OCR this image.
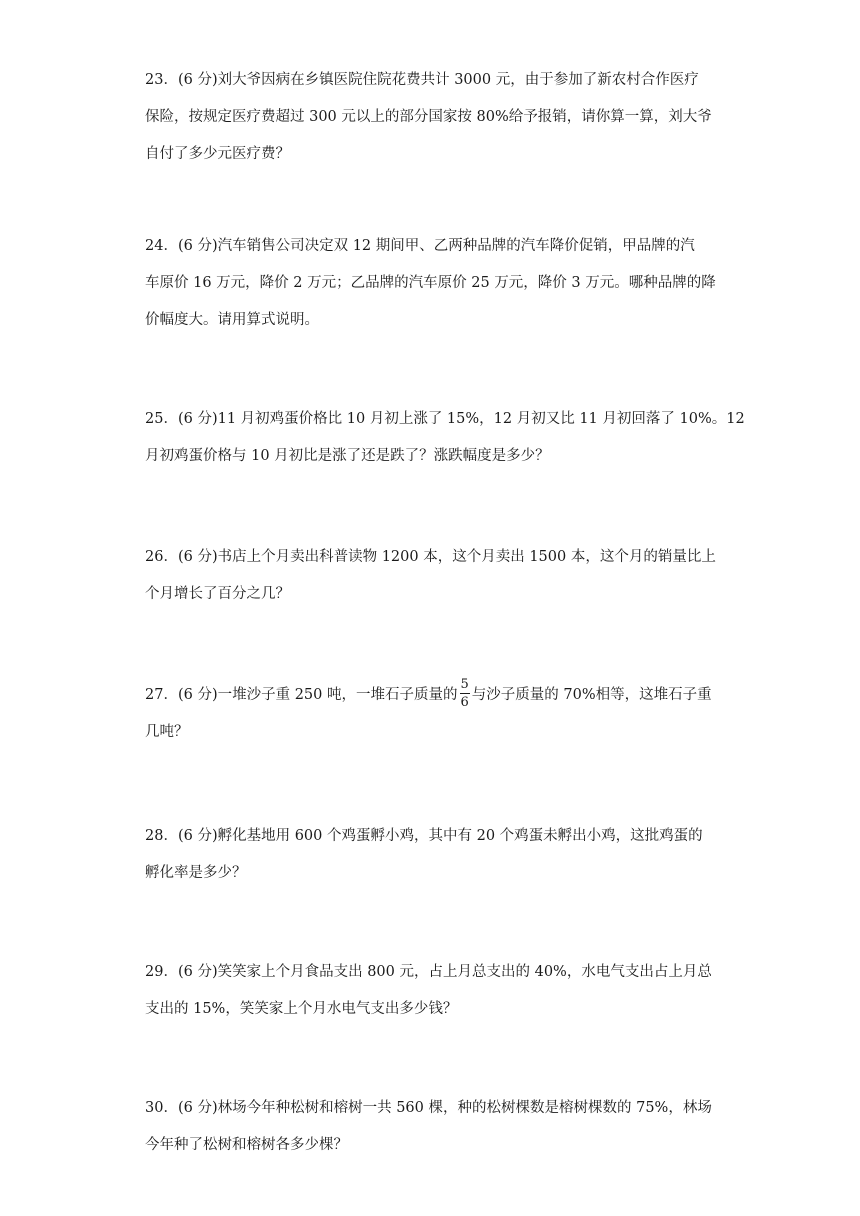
23．(6 分)刘大爷因病在乡镇医院住院花费共计 3000 元，由于参加了新农村合作医疗
保险，按规定医疗费超过 300 元以上的部分国家按 80%给予报销，请你算一算，刘大爷
自付了多少元医疗费？
24．(6 分)汽车销售公司决定双 12 期间甲、乙两种品牌的汽车降价促销，甲品牌的汽
车原价 16 万元，降价 2 万元；乙品牌的汽车原价 25 万元，降价 3 万元。哪种品牌的降
价幅度大。请用算式说明。
25．(6 分)11 月初鸡蛋价格比 10 月初上涨了 15%，12 月初又比 11 月初回落了 10%。12
月初鸡蛋价格与 10 月初比是涨了还是跌了？涨跌幅度是多少？
26．(6 分)书店上个月卖出科普读物 1200 本，这个月卖出 1500 本，这个月的销量比上
个月增长了百分之几？
27．(6 分)一堆沙子重 250 吨，一堆石子质量的 $\frac{5}{6}$ 与沙子质量的 70%相等，这堆石子重
几吨？
28．(6 分)孵化基地用 600 个鸡蛋孵小鸡，其中有 20 个鸡蛋未孵出小鸡，这批鸡蛋的
孵化率是多少？
29．(6 分)笑笑家上个月食品支出 800 元，占上月总支出的 40%，水电气支出占上月总
支出的 15%，笑笑家上个月水电气支出多少钱？
30．(6 分)林场今年种松树和榕树一共 560 棵，种的松树棵数是榕树棵数的 75%，林场
今年种了松树和榕树各多少棵？
